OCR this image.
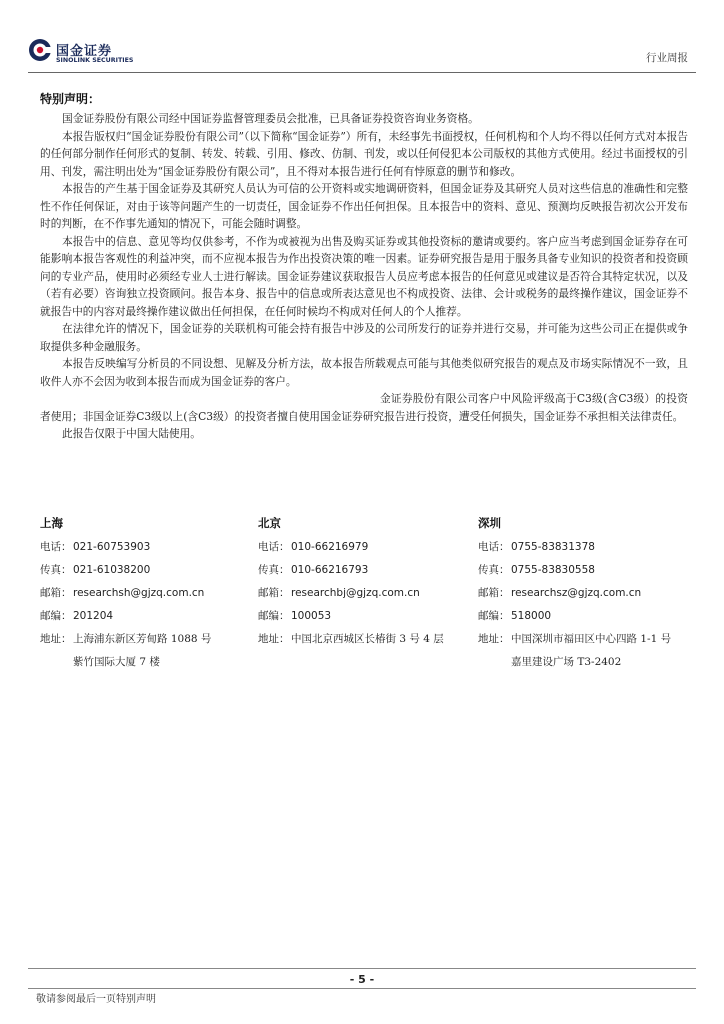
国金证券
SINOLINK SECURITIES	行业周报
特别声明：

国金证券股份有限公司经中国证券监督管理委员会批准，已具备证券投资咨询业务资格。

本报告版权归“国金证券股份有限公司”（以下简称“国金证券”）所有，未经事先书面授权，任何机构和个人均不得以任何方式对本报告的任何部分制作任何形式的复制、转发、转载、引用、修改、仿制、刊发，或以任何侵犯本公司版权的其他方式使用。经过书面授权的引用、刊发，需注明出处为“国金证券股份有限公司”，且不得对本报告进行任何有悖原意的删节和修改。

本报告的产生基于国金证券及其研究人员认为可信的公开资料或实地调研资料，但国金证券及其研究人员对这些信息的准确性和完整性不作任何保证，对由于该等问题产生的一切责任，国金证券不作出任何担保。且本报告中的资料、意见、预测均反映报告初次公开发布时的判断，在不作事先通知的情况下，可能会随时调整。

本报告中的信息、意见等均仅供参考，不作为或被视为出售及购买证券或其他投资标的邀请或要约。客户应当考虑到国金证券存在可能影响本报告客观性的利益冲突，而不应视本报告为作出投资决策的唯一因素。证券研究报告是用于服务具备专业知识的投资者和投资顾问的专业产品，使用时必须经专业人士进行解读。国金证券建议获取报告人员应考虑本报告的任何意见或建议是否符合其特定状况，以及（若有必要）咨询独立投资顾问。报告本身、报告中的信息或所表达意见也不构成投资、法律、会计或税务的最终操作建议，国金证券不就报告中的内容对最终操作建议做出任何担保，在任何时候均不构成对任何人的个人推荐。

在法律允许的情况下，国金证券的关联机构可能会持有报告中涉及的公司所发行的证券并进行交易，并可能为这些公司正在提供或争取提供多种金融服务。

本报告反映编写分析员的不同设想、见解及分析方法，故本报告所载观点可能与其他类似研究报告的观点及市场实际情况不一致，且收件人亦不会因为收到本报告而成为国金证券的客户。

金证券股份有限公司客户中风险评级高于C3级(含C3级）的投资者使用；非国金证券C3级以上(含C3级）的投资者擅自使用国金证券研究报告进行投资，遭受任何损失，国金证券不承担相关法律责任。

此报告仅限于中国大陆使用。

上海
电话： 021-60753903
传真： 021-61038200
邮箱： researchsh@gjzq.com.cn
邮编： 201204
地址： 上海浦东新区芳甸路 1088 号
紫竹国际大厦 7 楼
北京
电话： 010-66216979
传真： 010-66216793
邮箱： researchbj@gjzq.com.cn
邮编： 100053
地址： 中国北京西城区长椿街 3 号 4 层
深圳
电话： 0755-83831378
传真： 0755-83830558
邮箱： researchsz@gjzq.com.cn
邮编： 518000
地址： 中国深圳市福田区中心四路 1-1 号
嘉里建设广场 T3-2402
- 5 -
敬请参阅最后一页特别声明
